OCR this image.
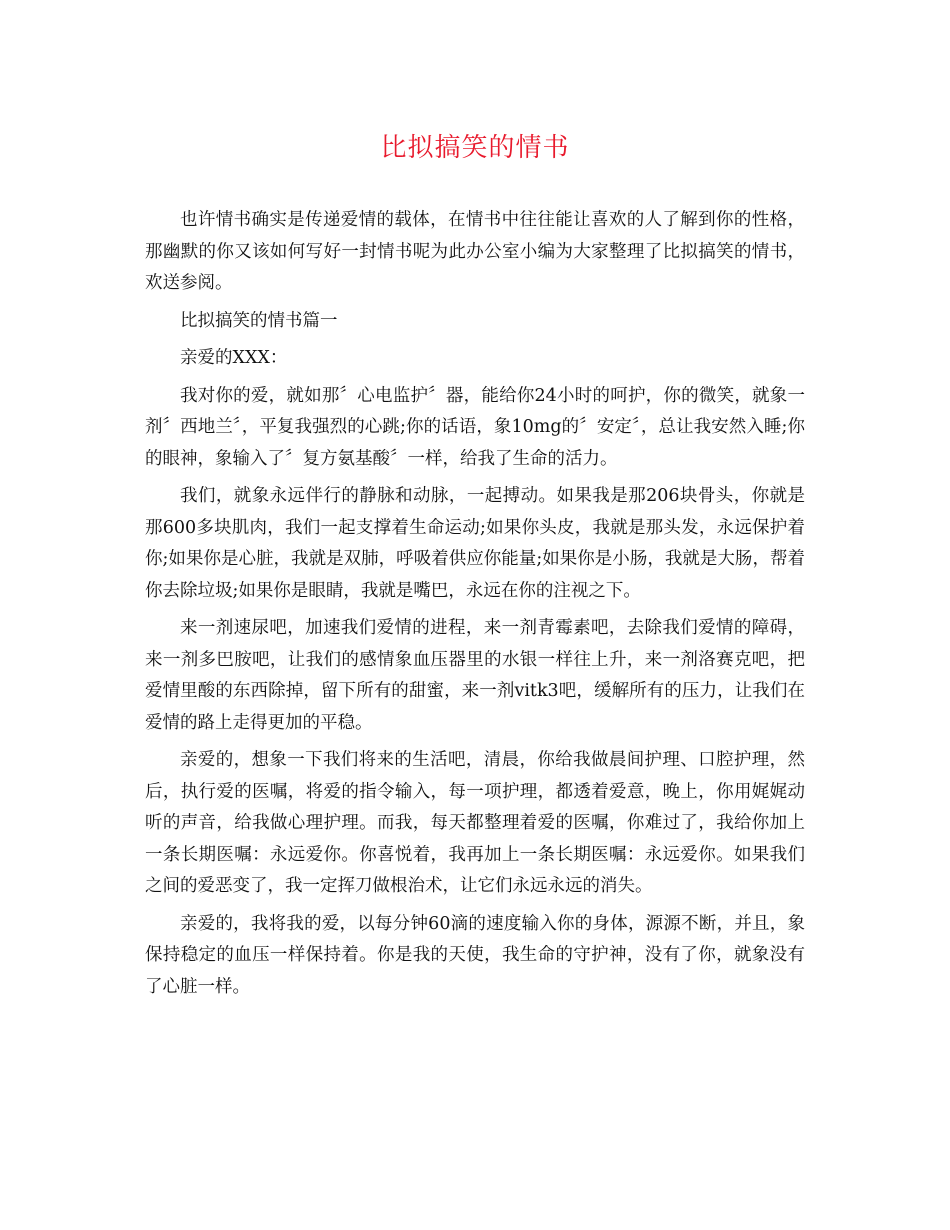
比拟搞笑的情书

也许情书确实是传递爱情的载体，在情书中往往能让喜欢的人了解到你的性格，那幽默的你又该如何写好一封情书呢为此办公室小编为大家整理了比拟搞笑的情书，欢送参阅。

比拟搞笑的情书篇一

亲爱的XXX：

我对你的爱，就如那〞心电监护〞器，能给你24小时的呵护，你的微笑，就象一剂〞西地兰〞，平复我强烈的心跳;你的话语，象10mg的〞安定〞，总让我安然入睡;你的眼神，象输入了〞复方氨基酸〞一样，给我了生命的活力。

我们，就象永远伴行的静脉和动脉，一起搏动。如果我是那206块骨头，你就是那600多块肌肉，我们一起支撑着生命运动;如果你头皮，我就是那头发，永远保护着你;如果你是心脏，我就是双肺，呼吸着供应你能量;如果你是小肠，我就是大肠，帮着你去除垃圾;如果你是眼睛，我就是嘴巴，永远在你的注视之下。

来一剂速尿吧，加速我们爱情的进程，来一剂青霉素吧，去除我们爱情的障碍，来一剂多巴胺吧，让我们的感情象血压器里的水银一样往上升，来一剂洛赛克吧，把爱情里酸的东西除掉，留下所有的甜蜜，来一剂vitk3吧，缓解所有的压力，让我们在爱情的路上走得更加的平稳。

亲爱的，想象一下我们将来的生活吧，清晨，你给我做晨间护理、口腔护理，然后，执行爱的医嘱，将爱的指令输入，每一项护理，都透着爱意，晚上，你用娓娓动听的声音，给我做心理护理。而我，每天都整理着爱的医嘱，你难过了，我给你加上一条长期医嘱：永远爱你。你喜悦着，我再加上一条长期医嘱：永远爱你。如果我们之间的爱恶变了，我一定挥刀做根治术，让它们永远永远的消失。

亲爱的，我将我的爱，以每分钟60滴的速度输入你的身体，源源不断，并且，象保持稳定的血压一样保持着。你是我的天使，我生命的守护神，没有了你，就象没有了心脏一样。
